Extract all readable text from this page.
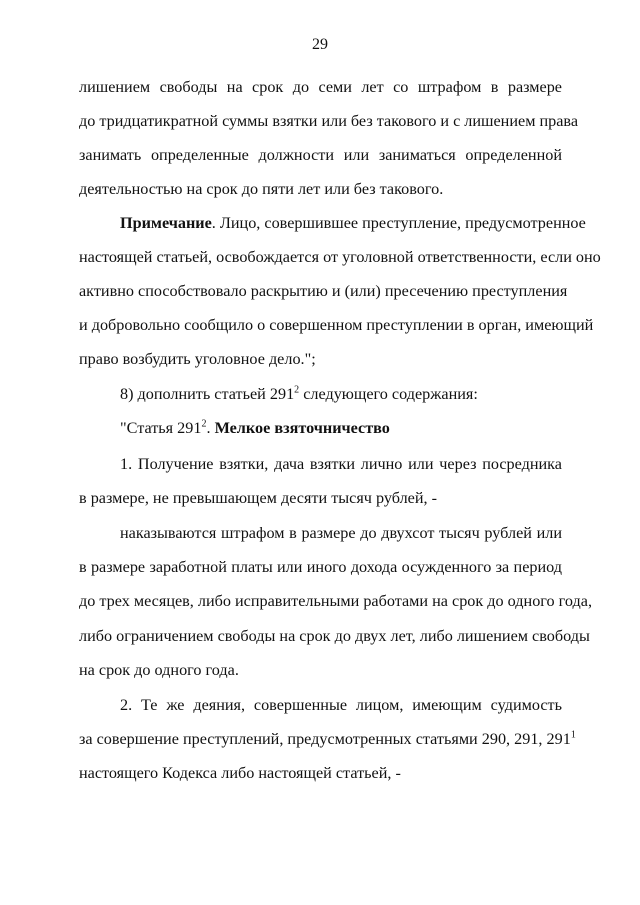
29
лишением свободы на срок до семи лет со штрафом в размере
до тридцатикратной суммы взятки или без такового и с лишением права
занимать определенные должности или заниматься определенной
деятельностью на срок до пяти лет или без такового.
Примечание. Лицо, совершившее преступление, предусмотренное
настоящей статьей, освобождается от уголовной ответственности, если оно
активно способствовало раскрытию и (или) пресечению преступления
и добровольно сообщило о совершенном преступлении в орган, имеющий
право возбудить уголовное дело.";
8) дополнить статьей $291^2$ следующего содержания:
"Статья $291^2$. Мелкое взяточничество
1. Получение взятки, дача взятки лично или через посредника
в размере, не превышающем десяти тысяч рублей, -
наказываются штрафом в размере до двухсот тысяч рублей или
в размере заработной платы или иного дохода осужденного за период
до трех месяцев, либо исправительными работами на срок до одного года,
либо ограничением свободы на срок до двух лет, либо лишением свободы
на срок до одного года.
2. Те же деяния, совершенные лицом, имеющим судимость
за совершение преступлений, предусмотренных статьями 290, 291, $291^1$
настоящего Кодекса либо настоящей статьей, -
